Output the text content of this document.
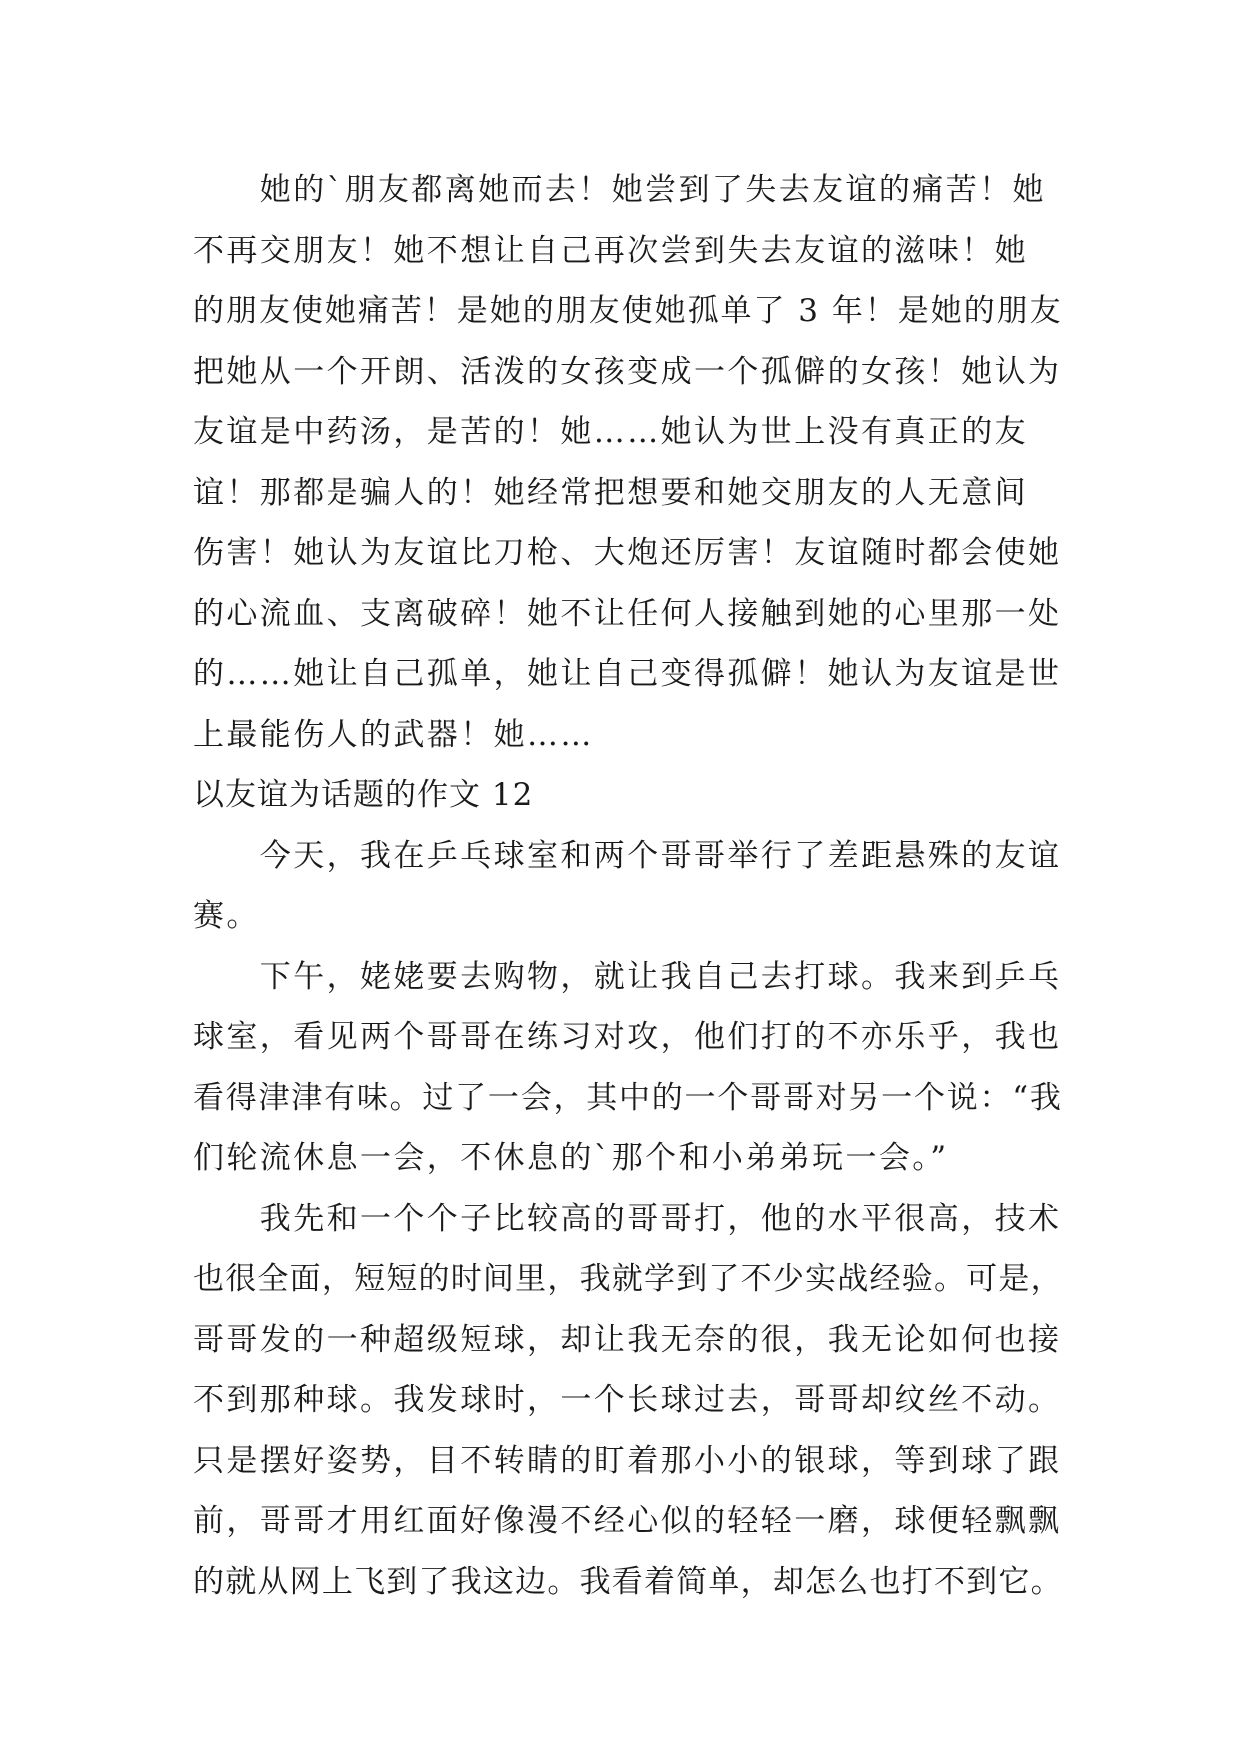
　　她的`朋友都离她而去！她尝到了失去友谊的痛苦！她
不再交朋友！她不想让自己再次尝到失去友谊的滋味！她
的朋友使她痛苦！是她的朋友使她孤单了 3 年！是她的朋友
把她从一个开朗、活泼的女孩变成一个孤僻的女孩！她认为
友谊是中药汤，是苦的！她……她认为世上没有真正的友
谊！那都是骗人的！她经常把想要和她交朋友的人无意间
伤害！她认为友谊比刀枪、大炮还厉害！友谊随时都会使她
的心流血、支离破碎！她不让任何人接触到她的心里那一处
的……她让自己孤单，她让自己变得孤僻！她认为友谊是世
上最能伤人的武器！她……
以友谊为话题的作文 12
　　今天，我在乒乓球室和两个哥哥举行了差距悬殊的友谊
赛。
　　下午，姥姥要去购物，就让我自己去打球。我来到乒乓
球室，看见两个哥哥在练习对攻，他们打的不亦乐乎，我也
看得津津有味。过了一会，其中的一个哥哥对另一个说：“我
们轮流休息一会，不休息的`那个和小弟弟玩一会。”
　　我先和一个个子比较高的哥哥打，他的水平很高，技术
也很全面，短短的时间里，我就学到了不少实战经验。可是，
哥哥发的一种超级短球，却让我无奈的很，我无论如何也接
不到那种球。我发球时，一个长球过去，哥哥却纹丝不动。
只是摆好姿势，目不转睛的盯着那小小的银球，等到球了跟
前，哥哥才用红面好像漫不经心似的轻轻一磨，球便轻飘飘
的就从网上飞到了我这边。我看着简单，却怎么也打不到它。
